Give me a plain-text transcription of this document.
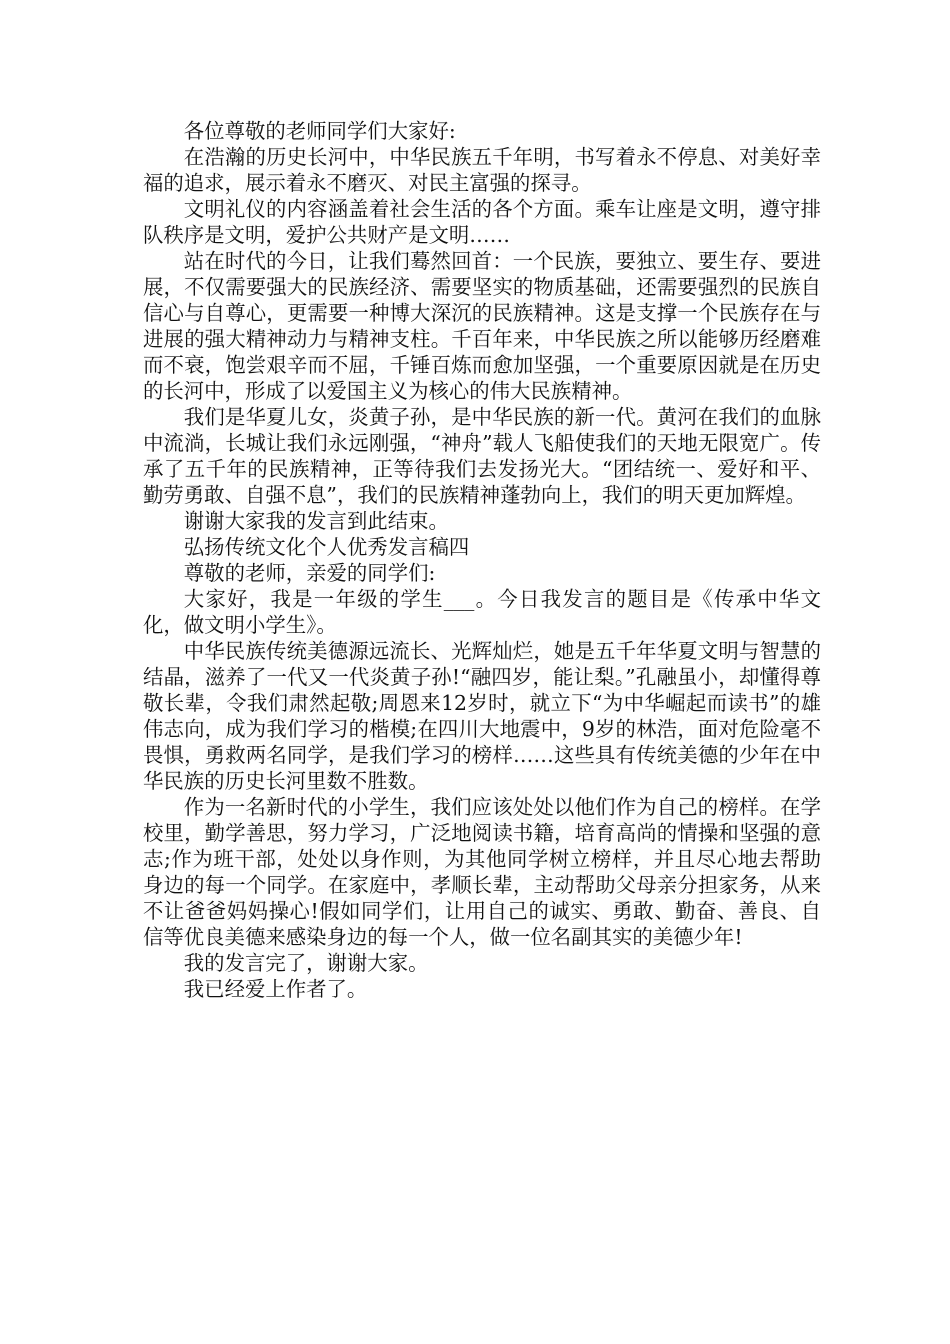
各位尊敬的老师同学们大家好:

在浩瀚的历史长河中，中华民族五千年明，书写着永不停息、对美好幸福的追求，展示着永不磨灭、对民主富强的探寻。

文明礼仪的内容涵盖着社会生活的各个方面。乘车让座是文明，遵守排队秩序是文明，爱护公共财产是文明……

站在时代的今日，让我们蓦然回首：一个民族，要独立、要生存、要进展，不仅需要强大的民族经济、需要坚实的物质基础，还需要强烈的民族自信心与自尊心，更需要一种博大深沉的民族精神。这是支撑一个民族存在与进展的强大精神动力与精神支柱。千百年来，中华民族之所以能够历经磨难而不衰，饱尝艰辛而不屈，千锤百炼而愈加坚强，一个重要原因就是在历史的长河中，形成了以爱国主义为核心的伟大民族精神。

我们是华夏儿女，炎黄子孙，是中华民族的新一代。黄河在我们的血脉中流淌，长城让我们永远刚强，“神舟”载人飞船使我们的天地无限宽广。传承了五千年的民族精神，正等待我们去发扬光大。“团结统一、爱好和平、勤劳勇敢、自强不息”，我们的民族精神蓬勃向上，我们的明天更加辉煌。

谢谢大家我的发言到此结束。

弘扬传统文化个人优秀发言稿四

尊敬的老师，亲爱的同学们:

大家好，我是一年级的学生___。今日我发言的题目是《传承中华文化，做文明小学生》。

中华民族传统美德源远流长、光辉灿烂，她是五千年华夏文明与智慧的结晶，滋养了一代又一代炎黄子孙!“融四岁，能让梨。”孔融虽小，却懂得尊敬长辈，令我们肃然起敬;周恩来12岁时，就立下“为中华崛起而读书”的雄伟志向，成为我们学习的楷模;在四川大地震中，9岁的林浩，面对危险毫不畏惧，勇救两名同学，是我们学习的榜样……这些具有传统美德的少年在中华民族的历史长河里数不胜数。

作为一名新时代的小学生，我们应该处处以他们作为自己的榜样。在学校里，勤学善思，努力学习，广泛地阅读书籍，培育高尚的情操和坚强的意志;作为班干部，处处以身作则，为其他同学树立榜样，并且尽心地去帮助身边的每一个同学。在家庭中，孝顺长辈，主动帮助父母亲分担家务，从来不让爸爸妈妈操心!假如同学们，让用自己的诚实、勇敢、勤奋、善良、自信等优良美德来感染身边的每一个人，做一位名副其实的美德少年!

我的发言完了，谢谢大家。

我已经爱上作者了。
